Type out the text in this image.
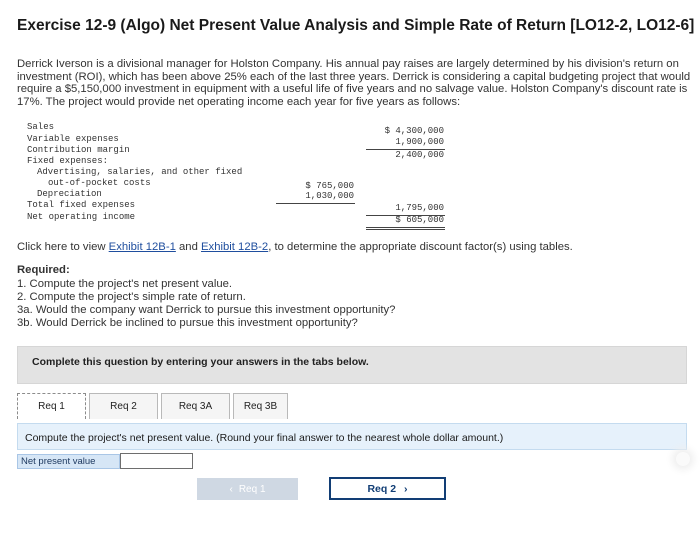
Exercise 12-9 (Algo) Net Present Value Analysis and Simple Rate of Return [LO12-2, LO12-6]
Derrick Iverson is a divisional manager for Holston Company. His annual pay raises are largely determined by his division's return on investment (ROI), which has been above 25% each of the last three years. Derrick is considering a capital budgeting project that would require a $5,150,000 investment in equipment with a useful life of five years and no salvage value. Holston Company's discount rate is 17%. The project would provide net operating income each year for five years as follows:
Sales	$ 4,300,000
Variable expenses	1,900,000
Contribution margin	2,400,000
Fixed expenses:
Advertising, salaries, and other fixed
out-of-pocket costs	$ 765,000
Depreciation	1,030,000
Total fixed expenses	1,795,000
Net operating income	$ 605,000
Click here to view Exhibit 12B-1 and Exhibit 12B-2, to determine the appropriate discount factor(s) using tables.
Required:
1. Compute the project's net present value.
2. Compute the project's simple rate of return.
3a. Would the company want Derrick to pursue this investment opportunity?
3b. Would Derrick be inclined to pursue this investment opportunity?
Complete this question by entering your answers in the tabs below.
Req 1	Req 2	Req 3A	Req 3B
Compute the project's net present value. (Round your final answer to the nearest whole dollar amount.)
Net present value
‹ Req 1	Req 2 ›
